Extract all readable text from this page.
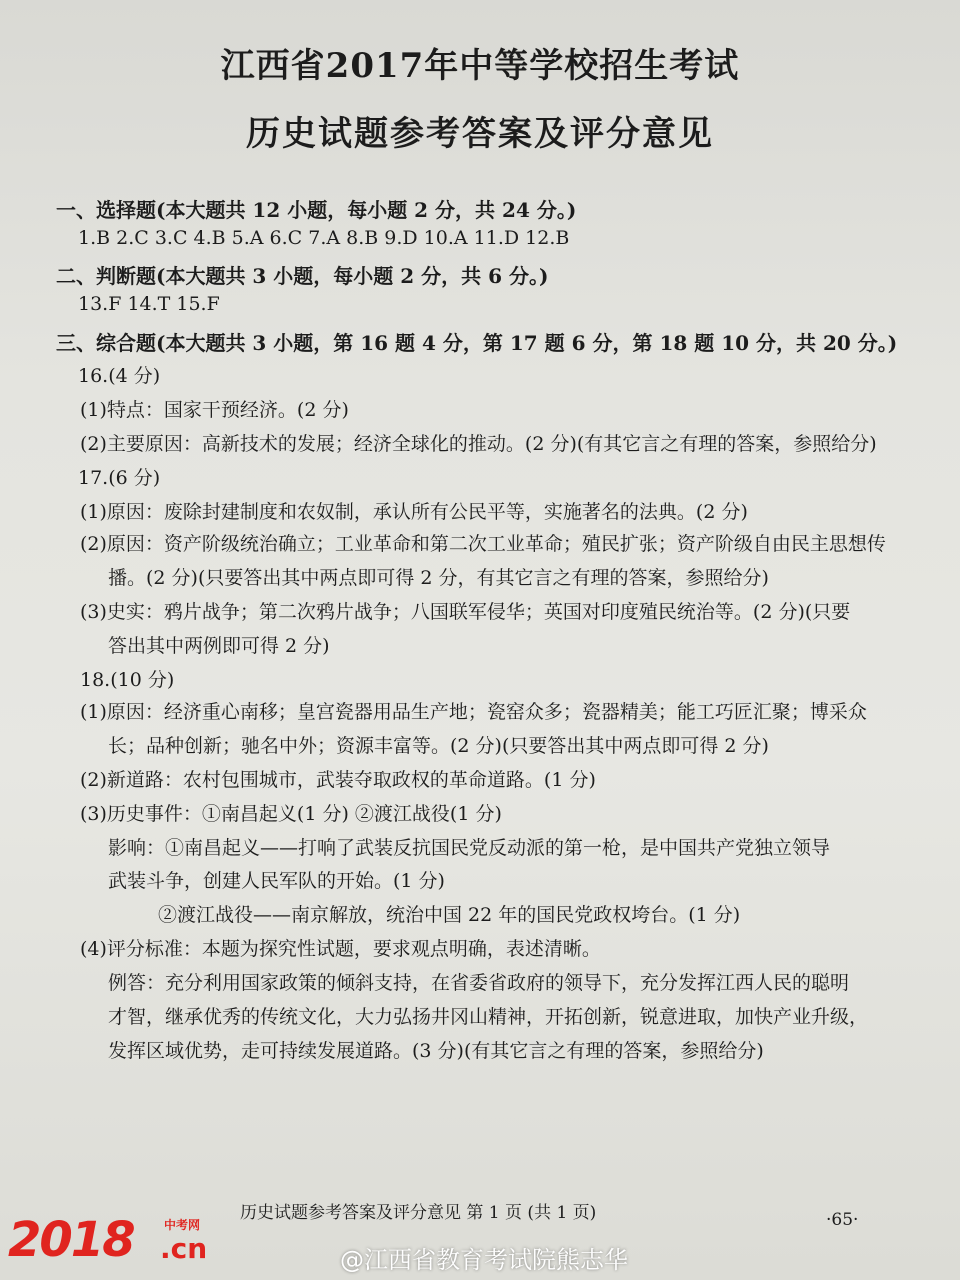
江西省2017年中等学校招生考试
历史试题参考答案及评分意见
一、选择题(本大题共 12 小题，每小题 2 分，共 24 分。)
1.B 2.C 3.C 4.B 5.A 6.C 7.A 8.B 9.D 10.A 11.D 12.B
二、判断题(本大题共 3 小题，每小题 2 分，共 6 分。)
13.F 14.T 15.F
三、综合题(本大题共 3 小题，第 16 题 4 分，第 17 题 6 分，第 18 题 10 分，共 20 分。)
16.(4 分)
(1)特点：国家干预经济。(2 分)
(2)主要原因：高新技术的发展；经济全球化的推动。(2 分)(有其它言之有理的答案，参照给分)
17.(6 分)
(1)原因：废除封建制度和农奴制，承认所有公民平等，实施著名的法典。(2 分)
(2)原因：资产阶级统治确立；工业革命和第二次工业革命；殖民扩张；资产阶级自由民主思想传
播。(2 分)(只要答出其中两点即可得 2 分，有其它言之有理的答案，参照给分)
(3)史实：鸦片战争；第二次鸦片战争；八国联军侵华；英国对印度殖民统治等。(2 分)(只要
答出其中两例即可得 2 分)
18.(10 分)
(1)原因：经济重心南移；皇宫瓷器用品生产地；瓷窑众多；瓷器精美；能工巧匠汇聚；博采众
长；品种创新；驰名中外；资源丰富等。(2 分)(只要答出其中两点即可得 2 分)
(2)新道路：农村包围城市，武装夺取政权的革命道路。(1 分)
(3)历史事件：①南昌起义(1 分) ②渡江战役(1 分)
影响：①南昌起义——打响了武装反抗国民党反动派的第一枪，是中国共产党独立领导
武装斗争，创建人民军队的开始。(1 分)
②渡江战役——南京解放，统治中国 22 年的国民党政权垮台。(1 分)
(4)评分标准：本题为探究性试题，要求观点明确，表述清晰。
例答：充分利用国家政策的倾斜支持，在省委省政府的领导下，充分发挥江西人民的聪明
才智，继承优秀的传统文化，大力弘扬井冈山精神，开拓创新，锐意进取，加快产业升级，
发挥区域优势，走可持续发展道路。(3 分)(有其它言之有理的答案，参照给分)
历史试题参考答案及评分意见 第 1 页 (共 1 页)	·65·
2018	中考网
.cn	@江西省教育考试院熊志华
